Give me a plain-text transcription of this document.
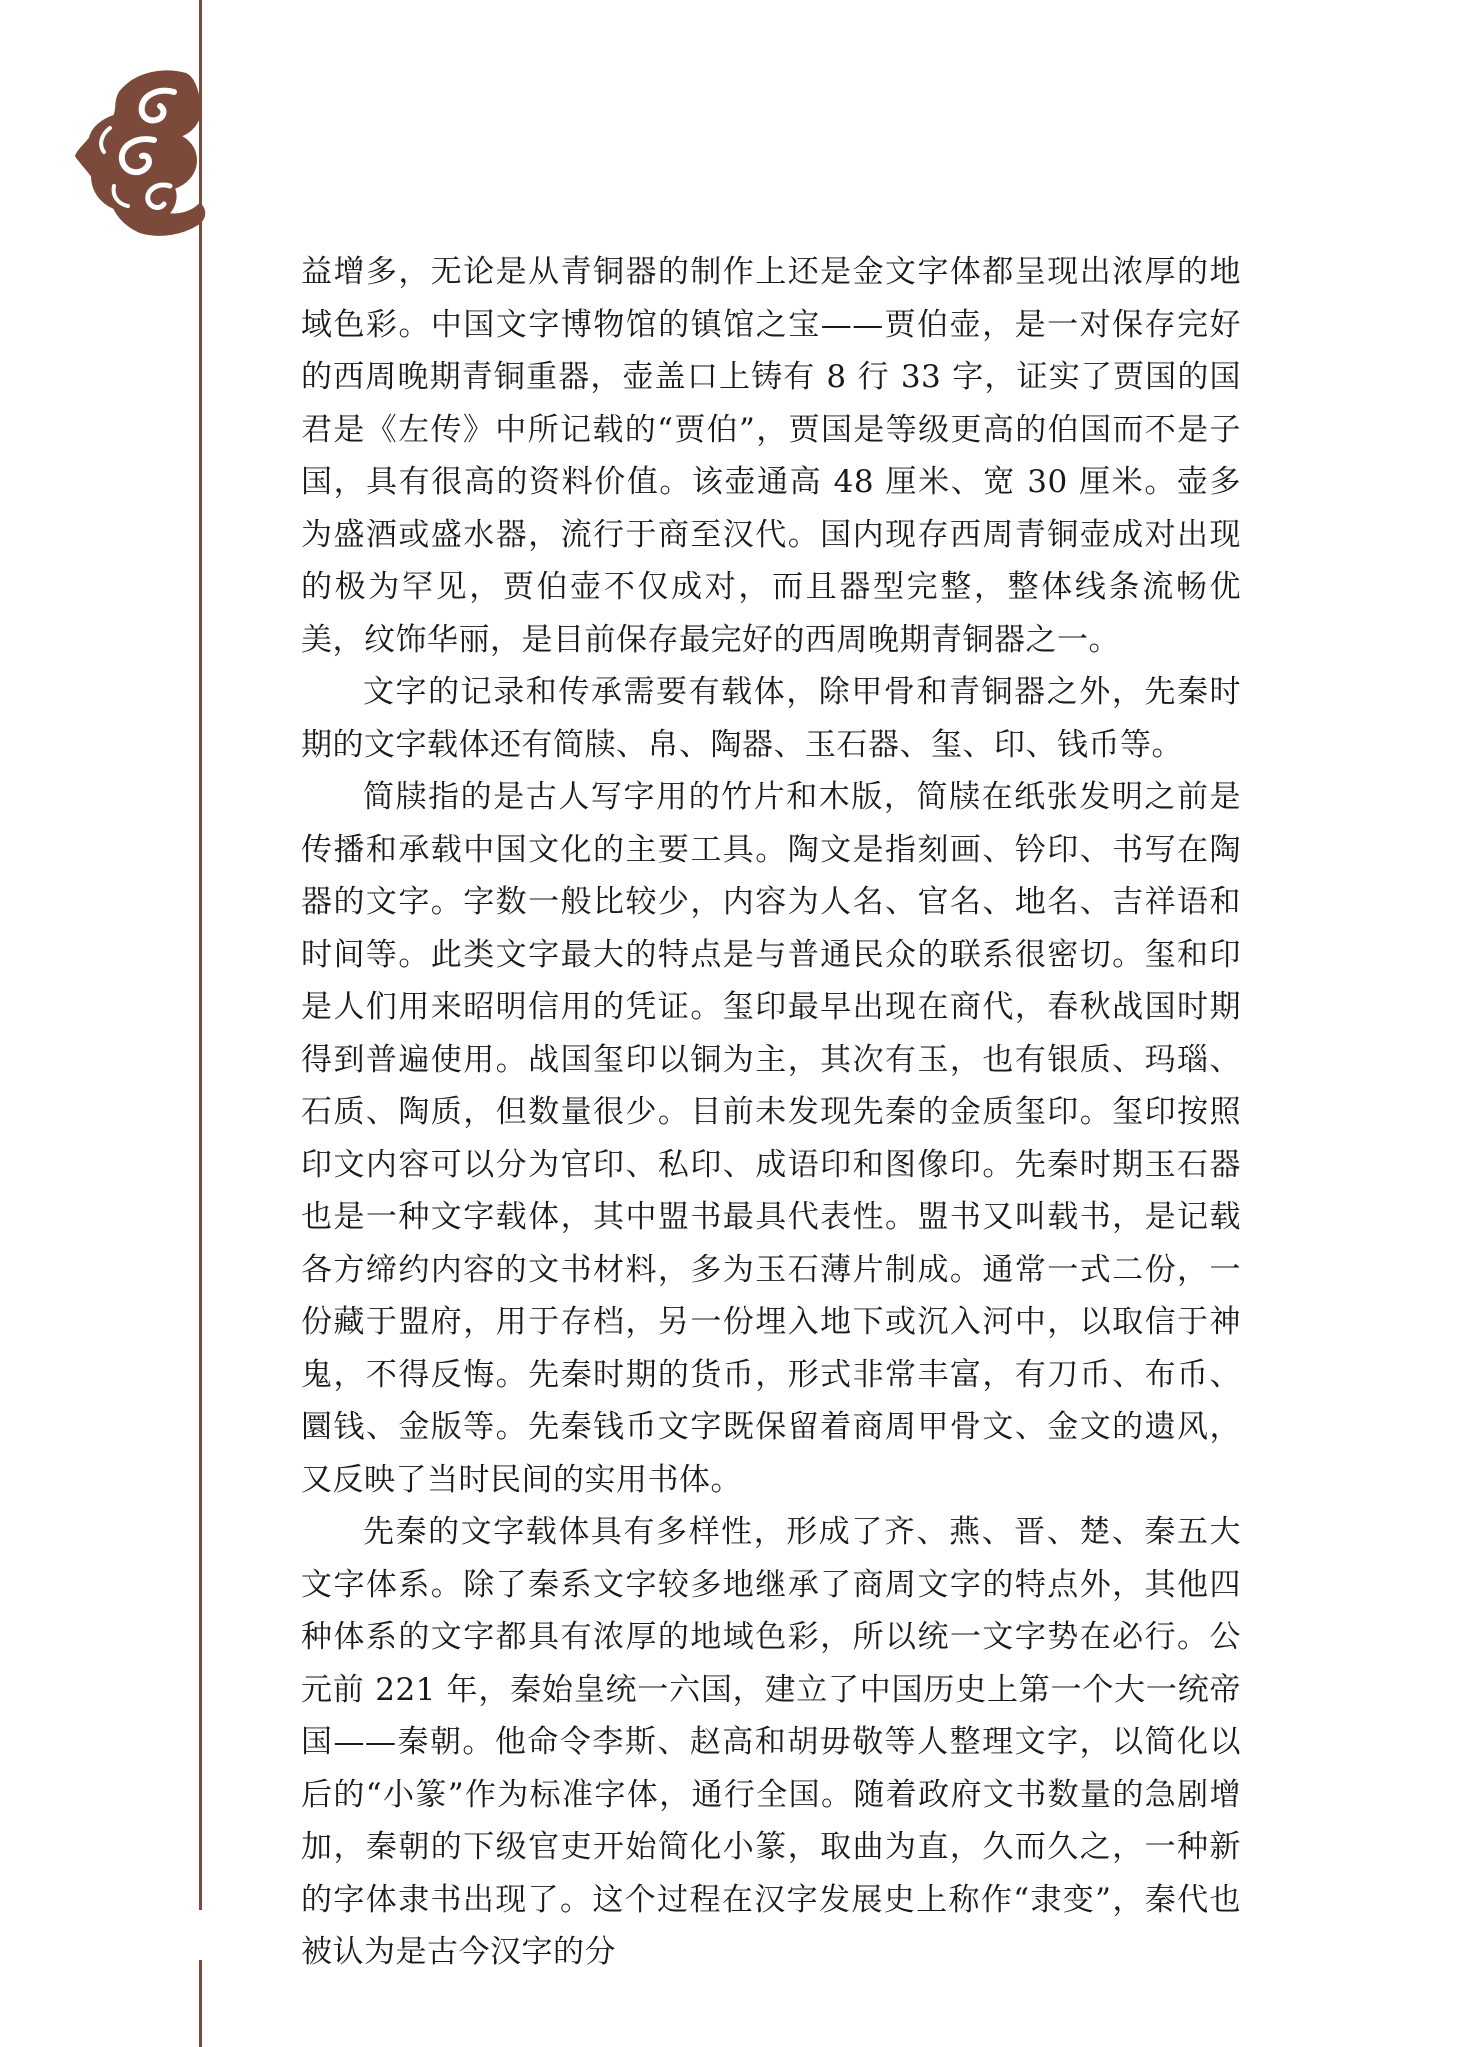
益增多，无论是从青铜器的制作上还是金文字体都呈现出浓厚的地域色彩。中国文字博物馆的镇馆之宝——贾伯壶，是一对保存完好的西周晚期青铜重器，壶盖口上铸有 8 行 33 字，证实了贾国的国君是《左传》中所记载的“贾伯”，贾国是等级更高的伯国而不是子国，具有很高的资料价值。该壶通高 48 厘米、宽 30 厘米。壶多为盛酒或盛水器，流行于商至汉代。国内现存西周青铜壶成对出现的极为罕见，贾伯壶不仅成对，而且器型完整，整体线条流畅优美，纹饰华丽，是目前保存最完好的西周晚期青铜器之一。

文字的记录和传承需要有载体，除甲骨和青铜器之外，先秦时期的文字载体还有简牍、帛、陶器、玉石器、玺、印、钱币等。

简牍指的是古人写字用的竹片和木版，简牍在纸张发明之前是传播和承载中国文化的主要工具。陶文是指刻画、钤印、书写在陶器的文字。字数一般比较少，内容为人名、官名、地名、吉祥语和时间等。此类文字最大的特点是与普通民众的联系很密切。玺和印是人们用来昭明信用的凭证。玺印最早出现在商代，春秋战国时期得到普遍使用。战国玺印以铜为主，其次有玉，也有银质、玛瑙、石质、陶质，但数量很少。目前未发现先秦的金质玺印。玺印按照印文内容可以分为官印、私印、成语印和图像印。先秦时期玉石器也是一种文字载体，其中盟书最具代表性。盟书又叫载书，是记载各方缔约内容的文书材料，多为玉石薄片制成。通常一式二份，一份藏于盟府，用于存档，另一份埋入地下或沉入河中，以取信于神鬼，不得反悔。先秦时期的货币，形式非常丰富，有刀币、布币、圜钱、金版等。先秦钱币文字既保留着商周甲骨文、金文的遗风，又反映了当时民间的实用书体。

先秦的文字载体具有多样性，形成了齐、燕、晋、楚、秦五大文字体系。除了秦系文字较多地继承了商周文字的特点外，其他四种体系的文字都具有浓厚的地域色彩，所以统一文字势在必行。公元前 221 年，秦始皇统一六国，建立了中国历史上第一个大一统帝国——秦朝。他命令李斯、赵高和胡毋敬等人整理文字，以简化以后的“小篆”作为标准字体，通行全国。随着政府文书数量的急剧增加，秦朝的下级官吏开始简化小篆，取曲为直，久而久之，一种新的字体隶书出现了。这个过程在汉字发展史上称作“隶变”，秦代也被认为是古今汉字的分
